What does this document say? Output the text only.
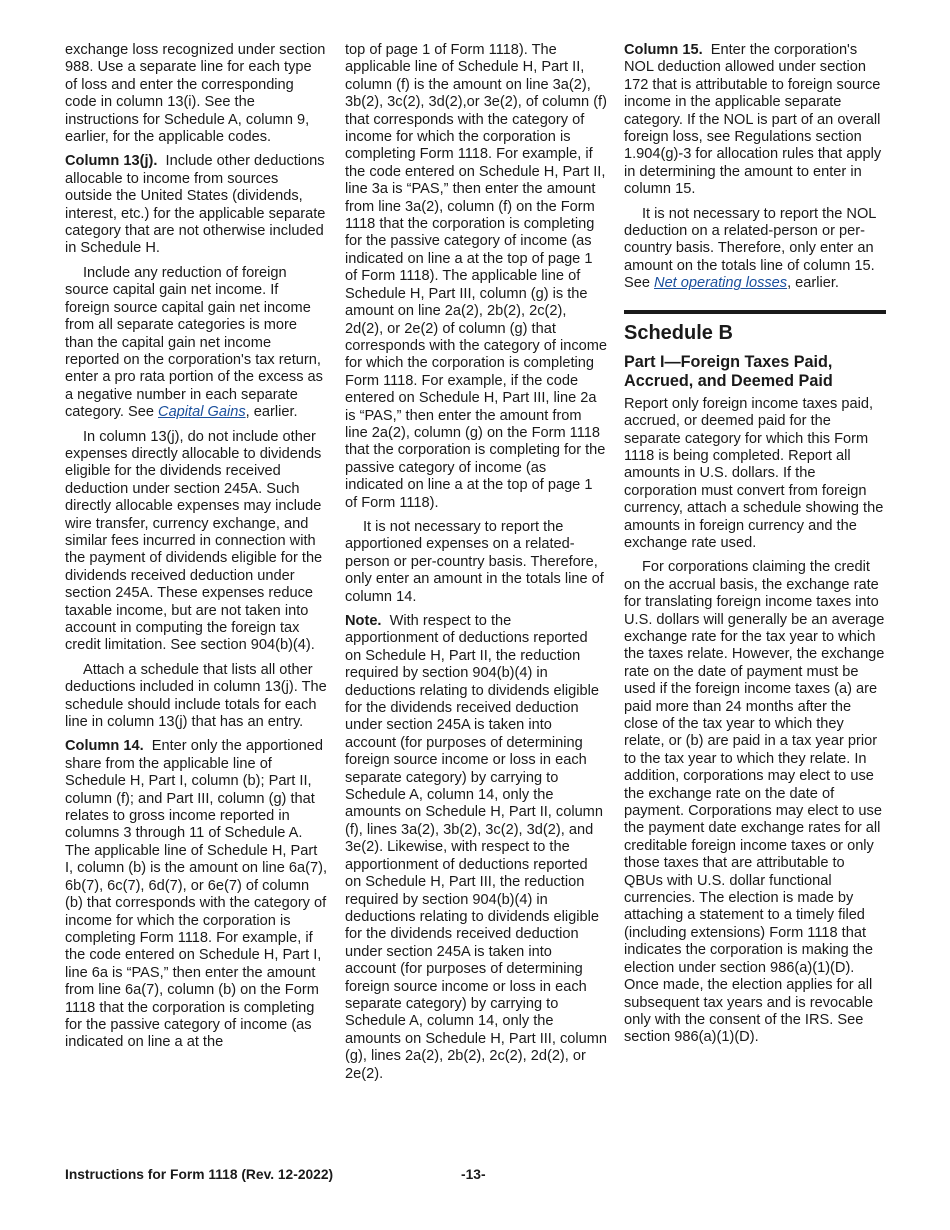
exchange loss recognized under section 988. Use a separate line for each type of loss and enter the corresponding code in column 13(i). See the instructions for Schedule A, column 9, earlier, for the applicable codes.

Column 13(j). Include other deductions allocable to income from sources outside the United States (dividends, interest, etc.) for the applicable separate category that are not otherwise included in Schedule H.

Include any reduction of foreign source capital gain net income. If foreign source capital gain net income from all separate categories is more than the capital gain net income reported on the corporation's tax return, enter a pro rata portion of the excess as a negative number in each separate category. See Capital Gains, earlier.

In column 13(j), do not include other expenses directly allocable to dividends eligible for the dividends received deduction under section 245A. Such directly allocable expenses may include wire transfer, currency exchange, and similar fees incurred in connection with the payment of dividends eligible for the dividends received deduction under section 245A. These expenses reduce taxable income, but are not taken into account in computing the foreign tax credit limitation. See section 904(b)(4).

Attach a schedule that lists all other deductions included in column 13(j). The schedule should include totals for each line in column 13(j) that has an entry.

Column 14. Enter only the apportioned share from the applicable line of Schedule H, Part I, column (b); Part II, column (f); and Part III, column (g) that relates to gross income reported in columns 3 through 11 of Schedule A. The applicable line of Schedule H, Part I, column (b) is the amount on line 6a(7), 6b(7), 6c(7), 6d(7), or 6e(7) of column (b) that corresponds with the category of income for which the corporation is completing Form 1118. For example, if the code entered on Schedule H, Part I, line 6a is “PAS,” then enter the amount from line 6a(7), column (b) on the Form 1118 that the corporation is completing for the passive category of income (as indicated on line a at the

top of page 1 of Form 1118). The applicable line of Schedule H, Part II, column (f) is the amount on line 3a(2), 3b(2), 3c(2), 3d(2),or 3e(2), of column (f) that corresponds with the category of income for which the corporation is completing Form 1118. For example, if the code entered on Schedule H, Part II, line 3a is “PAS,” then enter the amount from line 3a(2), column (f) on the Form 1118 that the corporation is completing for the passive category of income (as indicated on line a at the top of page 1 of Form 1118). The applicable line of Schedule H, Part III, column (g) is the amount on line 2a(2), 2b(2), 2c(2), 2d(2), or 2e(2) of column (g) that corresponds with the category of income for which the corporation is completing Form 1118. For example, if the code entered on Schedule H, Part III, line 2a is “PAS,” then enter the amount from line 2a(2), column (g) on the Form 1118 that the corporation is completing for the passive category of income (as indicated on line a at the top of page 1 of Form 1118).

It is not necessary to report the apportioned expenses on a related-person or per-country basis. Therefore, only enter an amount in the totals line of column 14.

Note. With respect to the apportionment of deductions reported on Schedule H, Part II, the reduction required by section 904(b)(4) in deductions relating to dividends eligible for the dividends received deduction under section 245A is taken into account (for purposes of determining foreign source income or loss in each separate category) by carrying to Schedule A, column 14, only the amounts on Schedule H, Part II, column (f), lines 3a(2), 3b(2), 3c(2), 3d(2), and 3e(2). Likewise, with respect to the apportionment of deductions reported on Schedule H, Part III, the reduction required by section 904(b)(4) in deductions relating to dividends eligible for the dividends received deduction under section 245A is taken into account (for purposes of determining foreign source income or loss in each separate category) by carrying to Schedule A, column 14, only the amounts on Schedule H, Part III, column (g), lines 2a(2), 2b(2), 2c(2), 2d(2), or 2e(2).

Column 15. Enter the corporation's NOL deduction allowed under section 172 that is attributable to foreign source income in the applicable separate category. If the NOL is part of an overall foreign loss, see Regulations section 1.904(g)-3 for allocation rules that apply in determining the amount to enter in column 15.

It is not necessary to report the NOL deduction on a related-person or per-country basis. Therefore, only enter an amount on the totals line of column 15. See Net operating losses, earlier.

Schedule B
Part I—Foreign Taxes Paid, Accrued, and Deemed Paid

Report only foreign income taxes paid, accrued, or deemed paid for the separate category for which this Form 1118 is being completed. Report all amounts in U.S. dollars. If the corporation must convert from foreign currency, attach a schedule showing the amounts in foreign currency and the exchange rate used.

For corporations claiming the credit on the accrual basis, the exchange rate for translating foreign income taxes into U.S. dollars will generally be an average exchange rate for the tax year to which the taxes relate. However, the exchange rate on the date of payment must be used if the foreign income taxes (a) are paid more than 24 months after the close of the tax year to which they relate, or (b) are paid in a tax year prior to the tax year to which they relate. In addition, corporations may elect to use the exchange rate on the date of payment. Corporations may elect to use the payment date exchange rates for all creditable foreign income taxes or only those taxes that are attributable to QBUs with U.S. dollar functional currencies. The election is made by attaching a statement to a timely filed (including extensions) Form 1118 that indicates the corporation is making the election under section 986(a)(1)(D). Once made, the election applies for all subsequent tax years and is revocable only with the consent of the IRS. See section 986(a)(1)(D).

Instructions for Form 1118 (Rev. 12-2022)	-13-
